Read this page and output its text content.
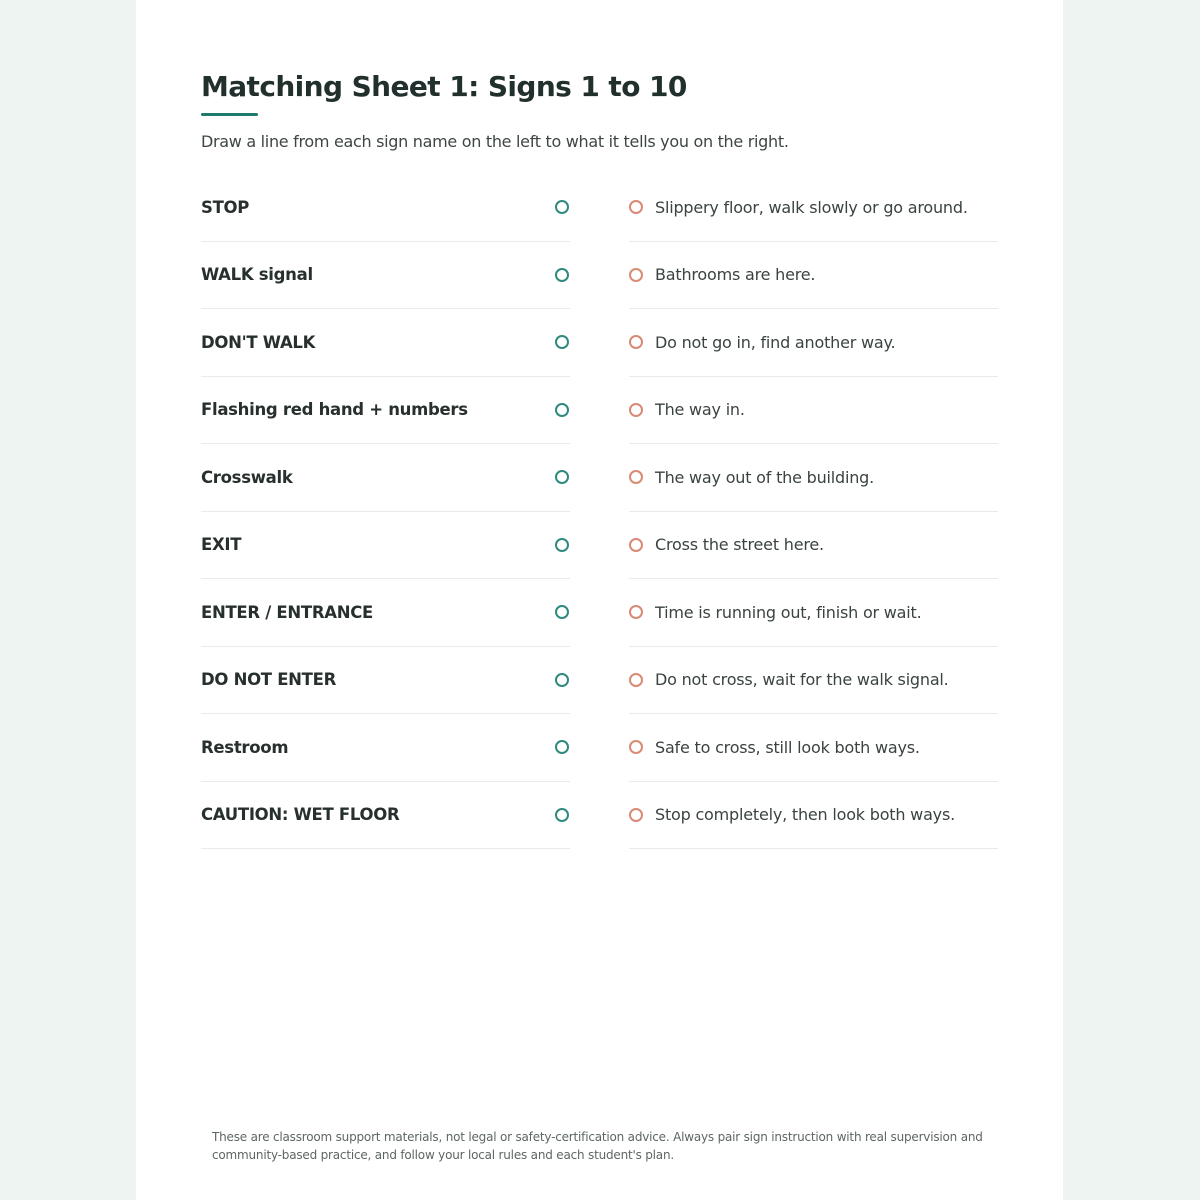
Matching Sheet 1: Signs 1 to 10

Draw a line from each sign name on the left to what it tells you on the right.

STOP
WALK signal
DON'T WALK
Flashing red hand + numbers
Crosswalk
EXIT
ENTER / ENTRANCE
DO NOT ENTER
Restroom
CAUTION: WET FLOOR
Slippery floor, walk slowly or go around.
Bathrooms are here.
Do not go in, find another way.
The way in.
The way out of the building.
Cross the street here.
Time is running out, finish or wait.
Do not cross, wait for the walk signal.
Safe to cross, still look both ways.
Stop completely, then look both ways.

These are classroom support materials, not legal or safety-certification advice. Always pair sign instruction with real supervision and community-based practice, and follow your local rules and each student's plan.
